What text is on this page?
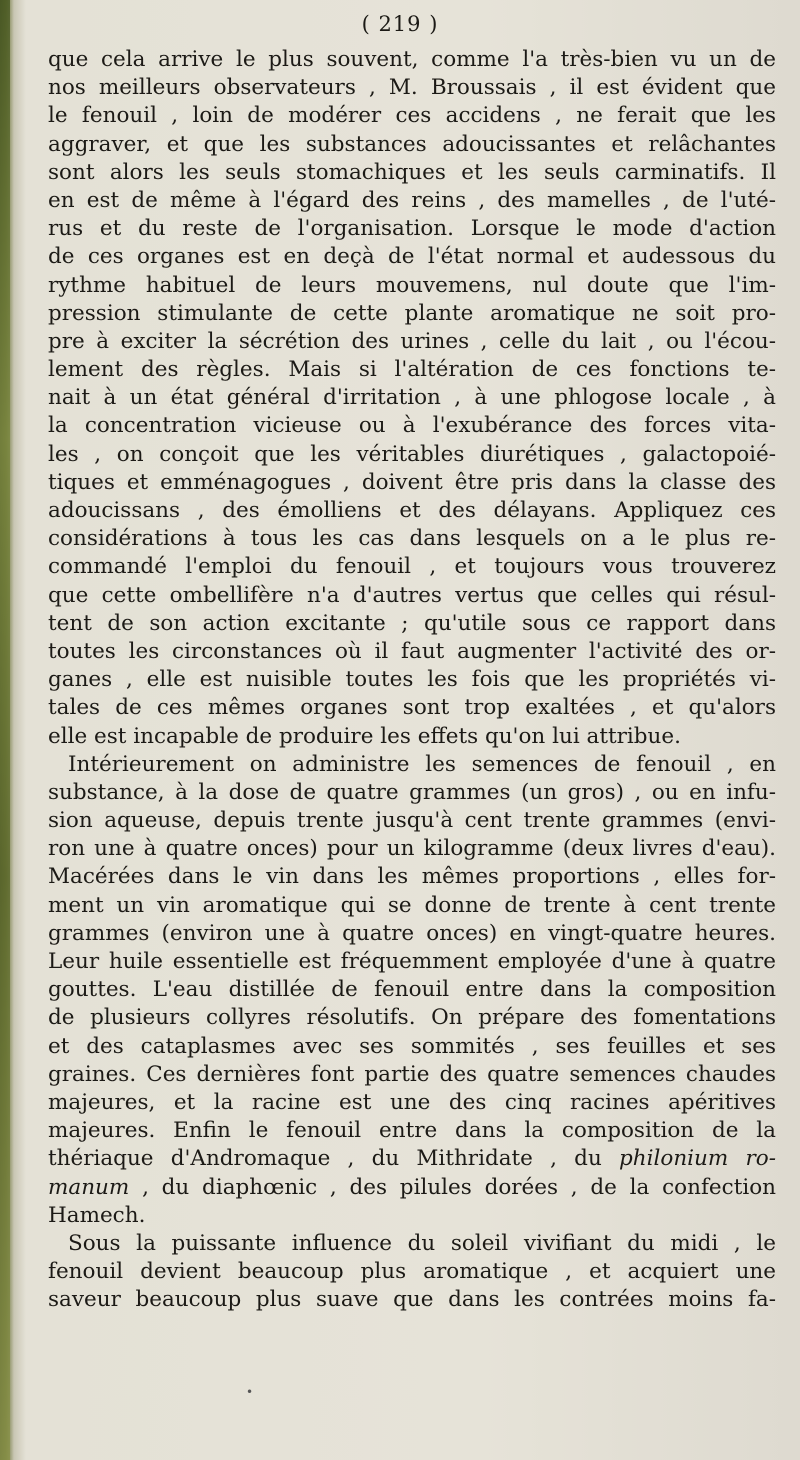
( 219 )
que cela arrive le plus souvent, comme l'a très-bien vu un de
nos meilleurs observateurs , M. Broussais , il est évident que
le fenouil , loin de modérer ces accidens , ne ferait que les
aggraver, et que les substances adoucissantes et relâchantes
sont alors les seuls stomachiques et les seuls carminatifs. Il
en est de même à l'égard des reins , des mamelles , de l'uté-
rus et du reste de l'organisation. Lorsque le mode d'action
de ces organes est en deçà de l'état normal et audessous du
rythme habituel de leurs mouvemens, nul doute que l'im-
pression stimulante de cette plante aromatique ne soit pro-
pre à exciter la sécrétion des urines , celle du lait , ou l'écou-
lement des règles. Mais si l'altération de ces fonctions te-
nait à un état général d'irritation , à une phlogose locale , à
la concentration vicieuse ou à l'exubérance des forces vita-
les , on conçoit que les véritables diurétiques , galactopoié-
tiques et emménagogues , doivent être pris dans la classe des
adoucissans , des émolliens et des délayans. Appliquez ces
considérations à tous les cas dans lesquels on a le plus re-
commandé l'emploi du fenouil , et toujours vous trouverez
que cette ombellifère n'a d'autres vertus que celles qui résul-
tent de son action excitante ; qu'utile sous ce rapport dans
toutes les circonstances où il faut augmenter l'activité des or-
ganes , elle est nuisible toutes les fois que les propriétés vi-
tales de ces mêmes organes sont trop exaltées , et qu'alors
elle est incapable de produire les effets qu'on lui attribue.
Intérieurement on administre les semences de fenouil , en
substance, à la dose de quatre grammes (un gros) , ou en infu-
sion aqueuse, depuis trente jusqu'à cent trente grammes (envi-
ron une à quatre onces) pour un kilogramme (deux livres d'eau).
Macérées dans le vin dans les mêmes proportions , elles for-
ment un vin aromatique qui se donne de trente à cent trente
grammes (environ une à quatre onces) en vingt-quatre heures.
Leur huile essentielle est fréquemment employée d'une à quatre
gouttes. L'eau distillée de fenouil entre dans la composition
de plusieurs collyres résolutifs. On prépare des fomentations
et des cataplasmes avec ses sommités , ses feuilles et ses
graines. Ces dernières font partie des quatre semences chaudes
majeures, et la racine est une des cinq racines apéritives
majeures. Enfin le fenouil entre dans la composition de la
thériaque d'Andromaque , du Mithridate , du philonium ro-
manum , du diaphœnic , des pilules dorées , de la confection
Hamech.
Sous la puissante influence du soleil vivifiant du midi , le
fenouil devient beaucoup plus aromatique , et acquiert une
saveur beaucoup plus suave que dans les contrées moins fa-
•
